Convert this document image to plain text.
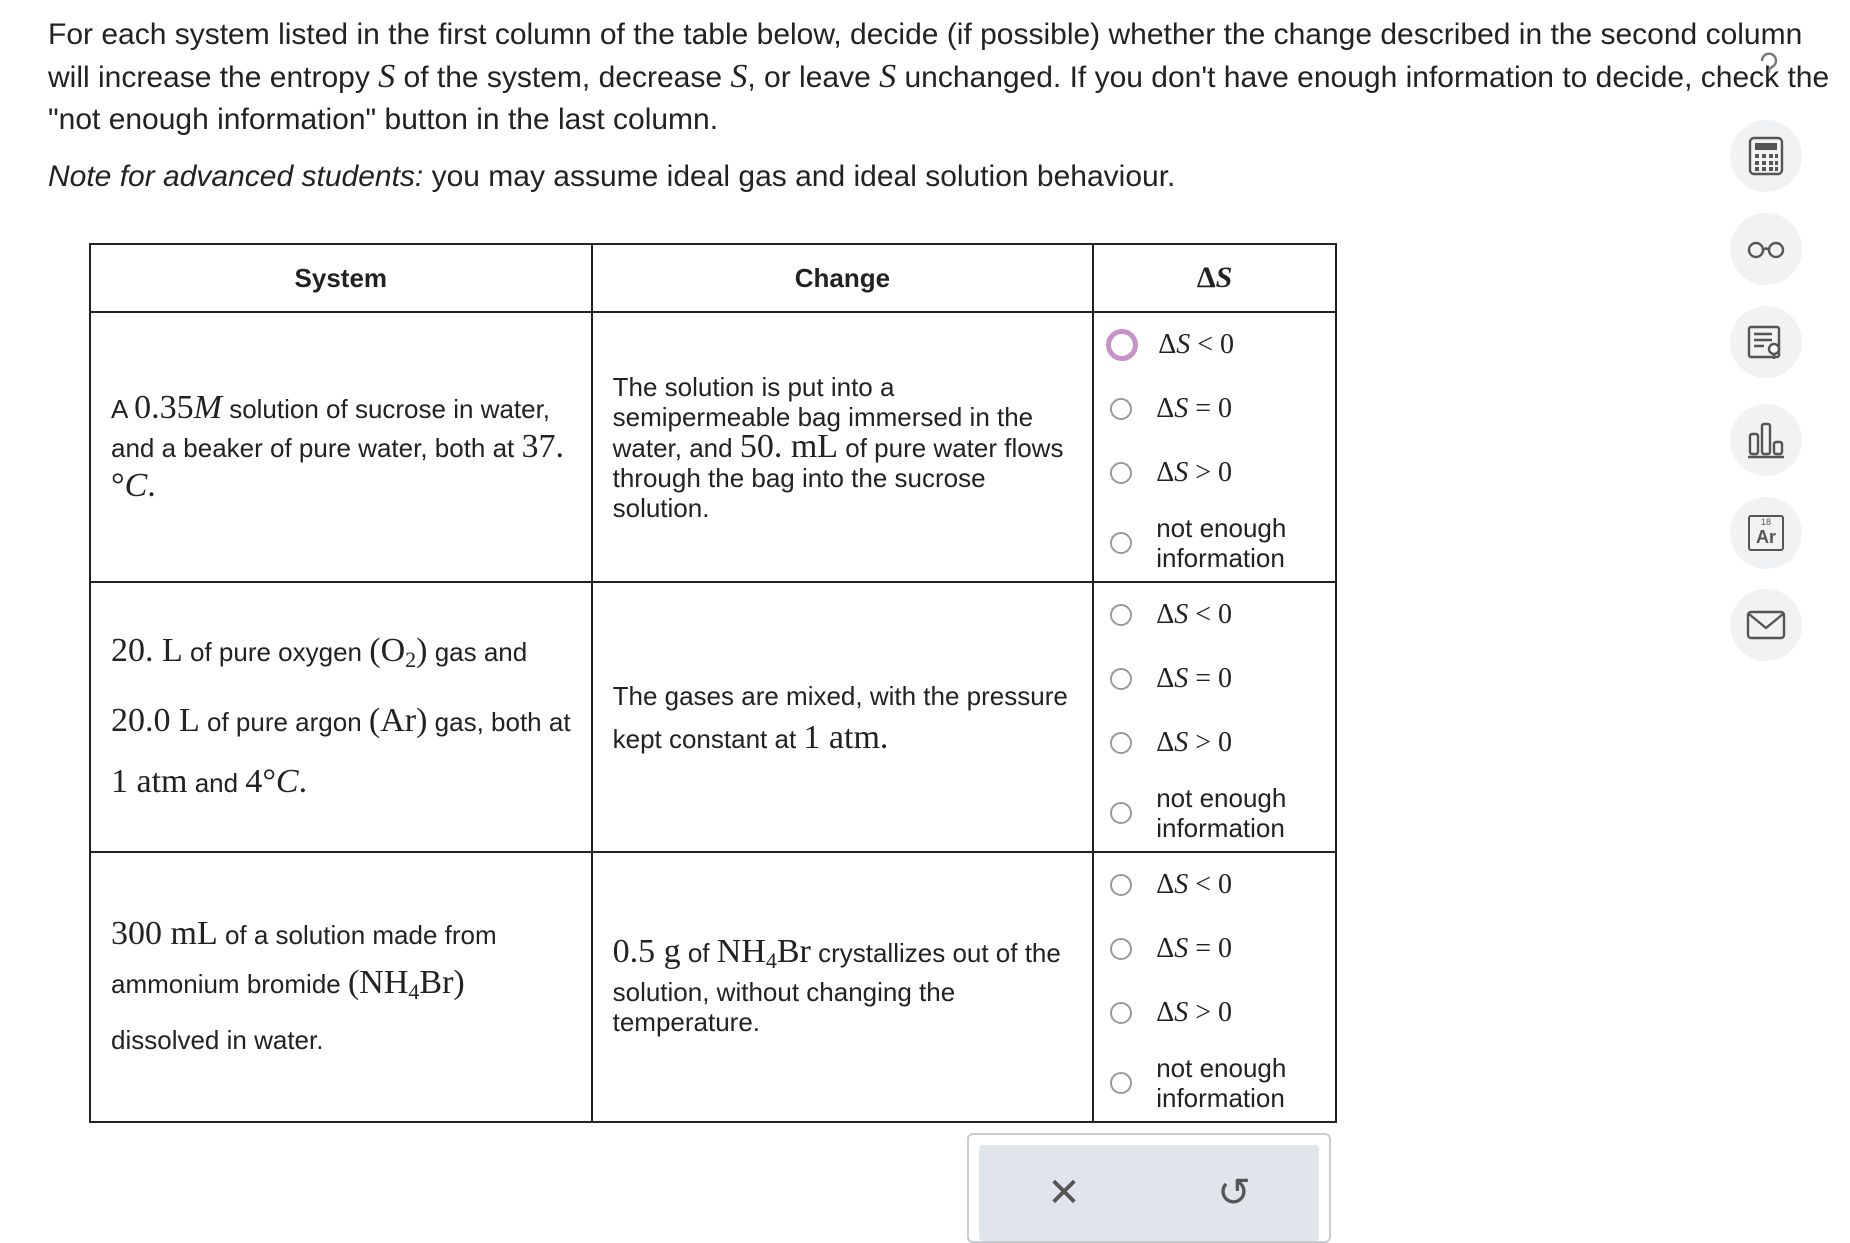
For each system listed in the first column of the table below, decide (if possible) whether the change described in the second column will increase the entropy S of the system, decrease S, or leave S unchanged. If you don't have enough information to decide, check the "not enough information" button in the last column.

Note for advanced students: you may assume ideal gas and ideal solution behaviour.
System	Change	ΔS
A 0.35M solution of sucrose in water, and a beaker of pure water, both at 37.°C.	The solution is put into a semipermeable bag immersed in the water, and 50. mL of pure water flows through the bag into the sucrose solution.	ΔS < 0
ΔS = 0
ΔS > 0
not enough information

20. L of pure oxygen $(O_2)$ gas and 20.0 L of pure argon (Ar) gas, both at 1 atm and 4°C.	The gases are mixed, with the pressure kept constant at 1 atm.	ΔS < 0
ΔS = 0
ΔS > 0
not enough information

300 mL of a solution made from ammonium bromide $(NH_4Br)$ dissolved in water.	0.5 g of $NH_4Br$ crystallizes out of the solution, without changing the temperature.	ΔS < 0
ΔS = 0
ΔS > 0
not enough information
✕	↺
18
Ar
